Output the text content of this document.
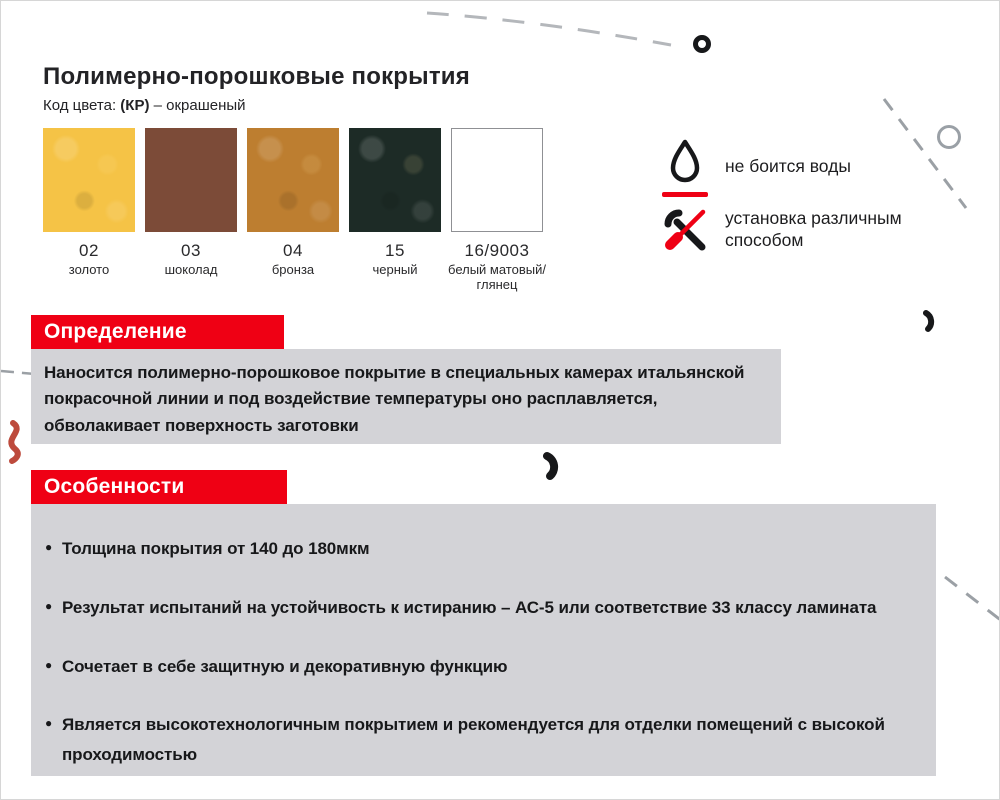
Полимерно-порошковые покрытия
Код цвета: (КР) – окрашеный
02
золото
03
шоколад
04
бронза
15
черный
16/9003
белый матовый/глянец
не боится воды
установка различным способом
Определение
Наносится полимерно-порошковое покрытие в специальных камерах итальянской покрасочной линии и под воздействие температуры оно расплавляется, обволакивает поверхность заготовки
Особенности
● Толщина покрытия от 140 до 180мкм
● Результат испытаний на устойчивость к истиранию – АС-5 или соответствие 33 классу ламината
● Сочетает в себе защитную и декоративную функцию
● Является высокотехнологичным покрытием и рекомендуется для отделки помещений с высокой проходимостью
